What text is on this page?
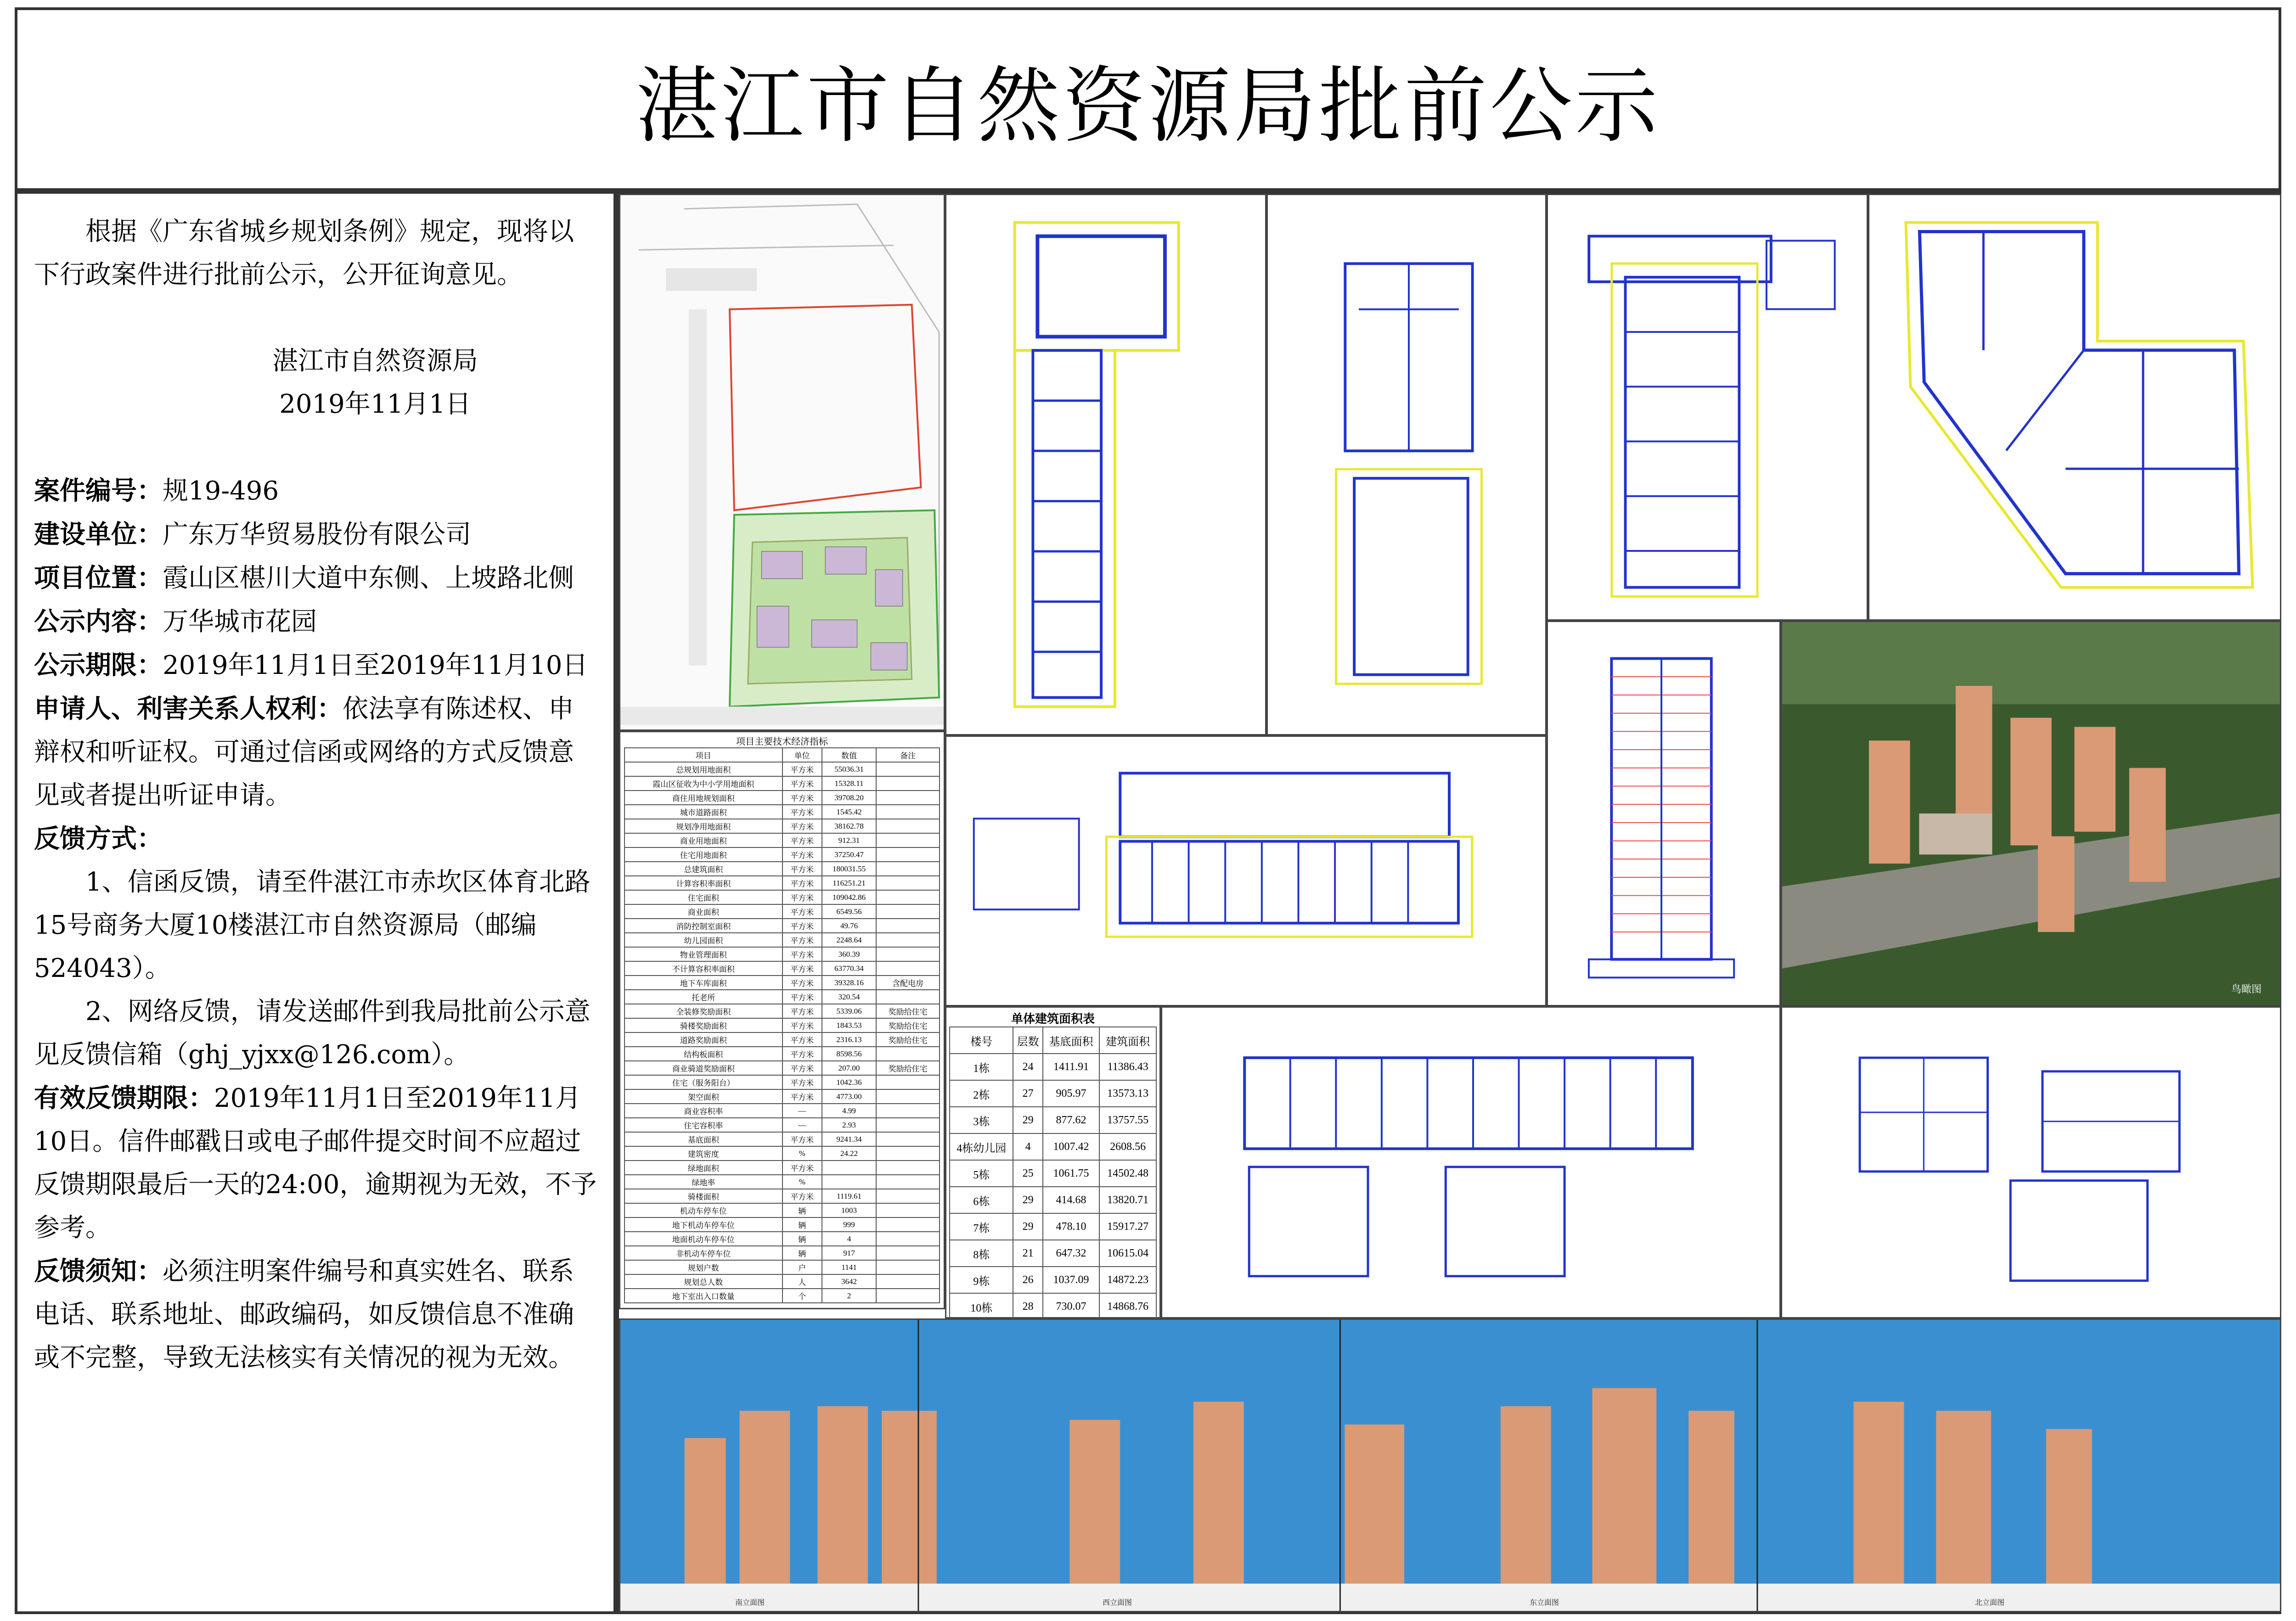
湛江市自然资源局批前公示

根据《广东省城乡规划条例》规定，现将以下行政案件进行批前公示，公开征询意见。

湛江市自然资源局

2019年11月1日

案件编号：规19-496

建设单位：广东万华贸易股份有限公司

项目位置：霞山区椹川大道中东侧、上坡路北侧

公示内容：万华城市花园

公示期限：2019年11月1日至2019年11月10日

申请人、利害关系人权利：依法享有陈述权、申辩权和听证权。可通过信函或网络的方式反馈意见或者提出听证申请。

反馈方式：

1、信函反馈，请至件湛江市赤坎区体育北路15号商务大厦10楼湛江市自然资源局（邮编524043）。

2、网络反馈，请发送邮件到我局批前公示意见反馈信箱（ghj_yjxx@126.com）。

有效反馈期限：2019年11月1日至2019年11月10日。信件邮戳日或电子邮件提交时间不应超过反馈期限最后一天的24:00，逾期视为无效，不予参考。

反馈须知：必须注明案件编号和真实姓名、联系电话、联系地址、邮政编码，如反馈信息不准确或不完整，导致无法核实有关情况的视为无效。

鸟瞰图
项目主要技术经济指标
项目	单位	数值	备注
总规划用地面积	平方米	55036.31	
霞山区征收为中小学用地面积	平方米	15328.11	
商住用地规划面积	平方米	39708.20	
城市道路面积	平方米	1545.42	
规划净用地面积	平方米	38162.78	
商业用地面积	平方米	912.31	
住宅用地面积	平方米	37250.47	
总建筑面积	平方米	180031.55	
计算容积率面积	平方米	116251.21	
住宅面积	平方米	109042.86	
商业面积	平方米	6549.56	
消防控制室面积	平方米	49.76	
幼儿园面积	平方米	2248.64	
物业管理面积	平方米	360.39	
不计算容积率面积	平方米	63770.34	
地下车库面积	平方米	39328.16	含配电房
托老所	平方米	320.54	
全装修奖励面积	平方米	5339.06	奖励给住宅
骑楼奖励面积	平方米	1843.53	奖励给住宅
道路奖励面积	平方米	2316.13	奖励给住宅
结构板面积	平方米	8598.56	
商业骑道奖励面积	平方米	207.00	奖励给住宅
住宅（服务阳台）	平方米	1042.36	
架空面积	平方米	4773.00	
商业容积率	—	4.99	
住宅容积率	—	2.93	
基底面积	平方米	9241.34	
建筑密度	%	24.22	
绿地面积	平方米		
绿地率	%		
骑楼面积	平方米	1119.61	
机动车停车位	辆	1003	
地下机动车停车位	辆	999	
地面机动车停车位	辆	4	
非机动车停车位	辆	917	
规划户数	户	1141	
规划总人数	人	3642	
地下室出入口数量	个	2	
单体建筑面积表
楼号	层数	基底面积	建筑面积
1栋	24	1411.91	11386.43
2栋	27	905.97	13573.13
3栋	29	877.62	13757.55
4栋幼儿园	4	1007.42	2608.56
5栋	25	1061.75	14502.48
6栋	29	414.68	13820.71
7栋	29	478.10	15917.27
8栋	21	647.32	10615.04
9栋	26	1037.09	14872.23
10栋	28	730.07	14868.76

南立面图	西立面图	东立面图	北立面图
